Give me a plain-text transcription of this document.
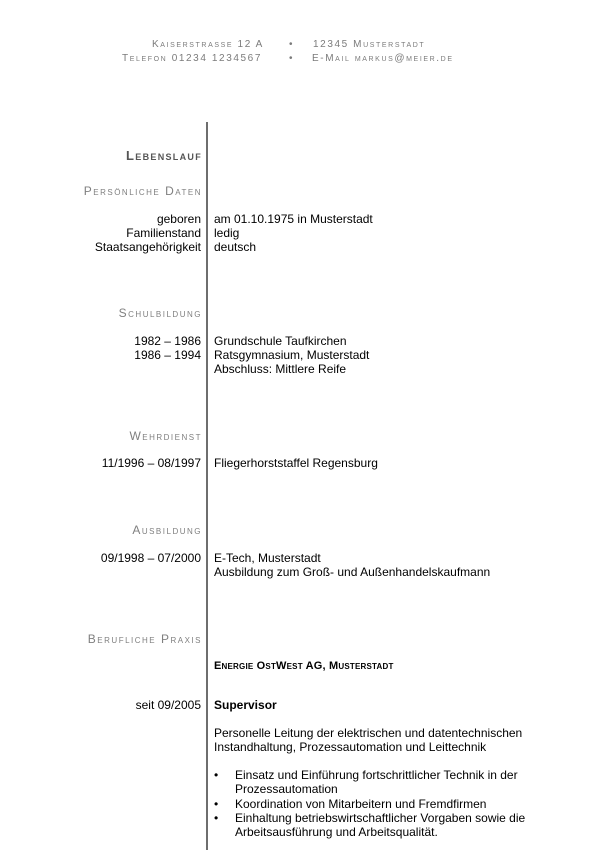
Kaiserstrasse 12 A	• 12345 Musterstadt
Telefon 01234 1234567	• E-Mail markus@meier.de
Lebenslauf
Persönliche Daten
geboren am 01.10.1975 in Musterstadt
Familienstand ledig
Staatsangehörigkeit deutsch
Schulbildung
1982 – 1986 Grundschule Taufkirchen
1986 – 1994 Ratsgymnasium, Musterstadt
Abschluss: Mittlere Reife
Wehrdienst
11/1996 – 08/1997 Fliegerhorststaffel Regensburg
Ausbildung
09/1998 – 07/2000 E-Tech, Musterstadt
Ausbildung zum Groß- und Außenhandelskaufmann
Berufliche Praxis
Energie OstWest AG, Musterstadt
seit 09/2005 Supervisor
Personelle Leitung der elektrischen und datentechnischen
Instandhaltung, Prozessautomation und Leittechnik
• Einsatz und Einführung fortschrittlicher Technik in der Prozessautomation
• Koordination von Mitarbeitern und Fremdfirmen
• Einhaltung betriebswirtschaftlicher Vorgaben sowie die Arbeitsausführung und Arbeitsqualität.
